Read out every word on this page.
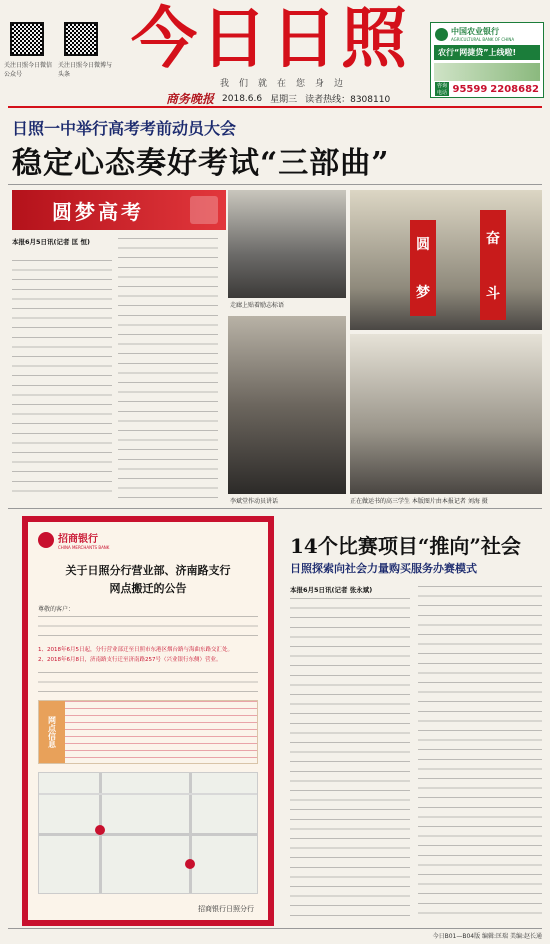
关注日照今日微信公众号
关注日照今日微博与头条 今日日照
我们就在您身边
商务晚报 2018.6.6 星期三 读者热线：8308110
中国农业银行
AGRICULTURAL BANK OF CHINA
农行“网捷贷”上线啦!
咨询电话 95599 2208682
日照一中举行高考考前动员大会
稳定心态奏好考试“三部曲”
圆梦高考
本报6月5日讯(记者 匡 恒)
走廊上贴着励志标语
圆
梦
奋
斗
李斌堂作动员讲话	正在做运书的高三学生 本版图片由本报记者 刘海 摄
招商银行
CHINA MERCHANTS BANK
关于日照分行营业部、济南路支行
网点搬迁的公告
尊敬的客户：
1、2018年6月5日起，分行营业部迁至日照市东港区烟台路与海曲东路交汇处。
2、2018年6月8日，济南路支行迁至济南路257号（兴业银行东侧）营业。
网点信息
招商银行日照分行
14个比赛项目“推向”社会
日照探索向社会力量购买服务办赛模式
本报6月5日讯(记者 张永斌)
今日B01—B04版 编辑:匡瑞 美编:赵长通
